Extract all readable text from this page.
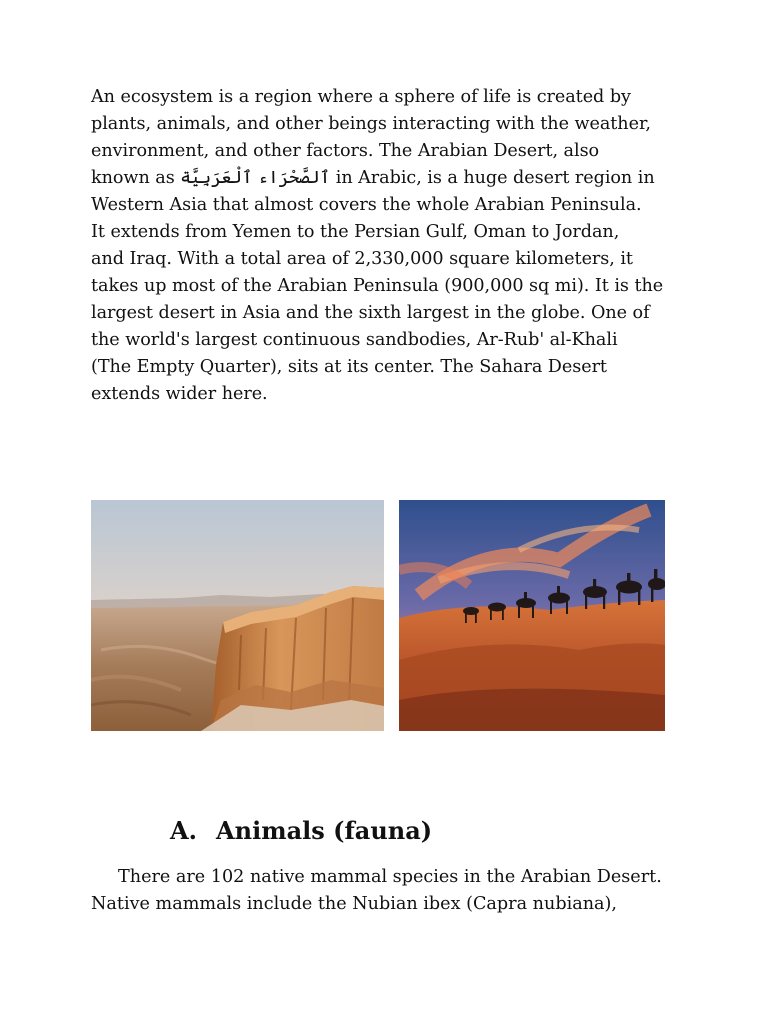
An ecosystem is a region where a sphere of life is created by
plants, animals, and other beings interacting with the weather,
environment, and other factors. The Arabian Desert, also
known as ٱلصَّحْرَاء ٱلْعَرَبِيَّة in Arabic, is a huge desert region in
Western Asia that almost covers the whole Arabian Peninsula.
It extends from Yemen to the Persian Gulf, Oman to Jordan,
and Iraq. With a total area of 2,330,000 square kilometers, it
takes up most of the Arabian Peninsula (900,000 sq mi). It is the
largest desert in Asia and the sixth largest in the globe. One of
the world's largest continuous sandbodies, Ar-Rub' al-Khali
(The Empty Quarter), sits at its center. The Sahara Desert
extends wider here.

A. Animals (fauna)

There are 102 native mammal species in the Arabian Desert.
Native mammals include the Nubian ibex (Capra nubiana),
